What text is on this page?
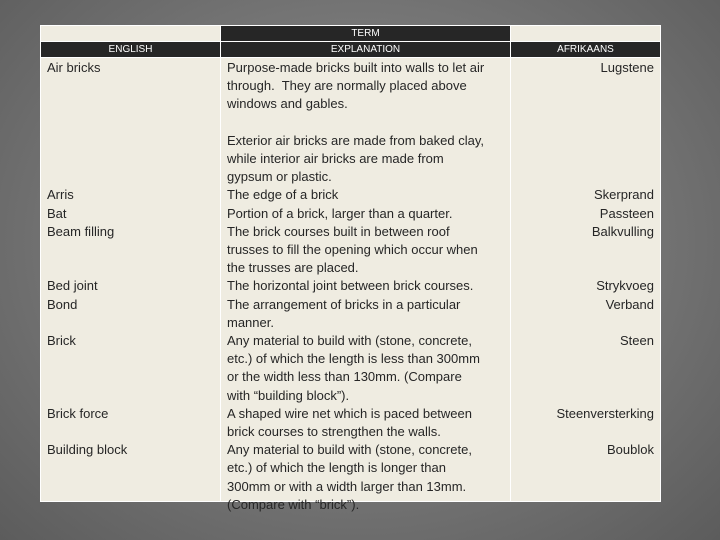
TERM
ENGLISH	EXPLANATION	AFRIKAANS
Air bricks

Arris
Bat
Beam filling

Bed joint
Bond

Brick

Brick force

Building block

Purpose-made bricks built into walls to let air
through.  They are normally placed above
windows and gables.

Exterior air bricks are made from baked clay,
while interior air bricks are made from
gypsum or plastic.
The edge of a brick
Portion of a brick, larger than a quarter.
The brick courses built in between roof
trusses to fill the opening which occur when
the trusses are placed.
The horizontal joint between brick courses.
The arrangement of bricks in a particular
manner.
Any material to build with (stone, concrete,
etc.) of which the length is less than 300mm
or the width less than 130mm. (Compare
with “building block”).
A shaped wire net which is paced between
brick courses to strengthen the walls.
Any material to build with (stone, concrete,
etc.) of which the length is longer than
300mm or with a width larger than 13mm.
(Compare with “brick”).
Lugstene

Skerprand
Passteen
Balkvulling

Strykvoeg
Verband

Steen

Steenversterking

Boublok
